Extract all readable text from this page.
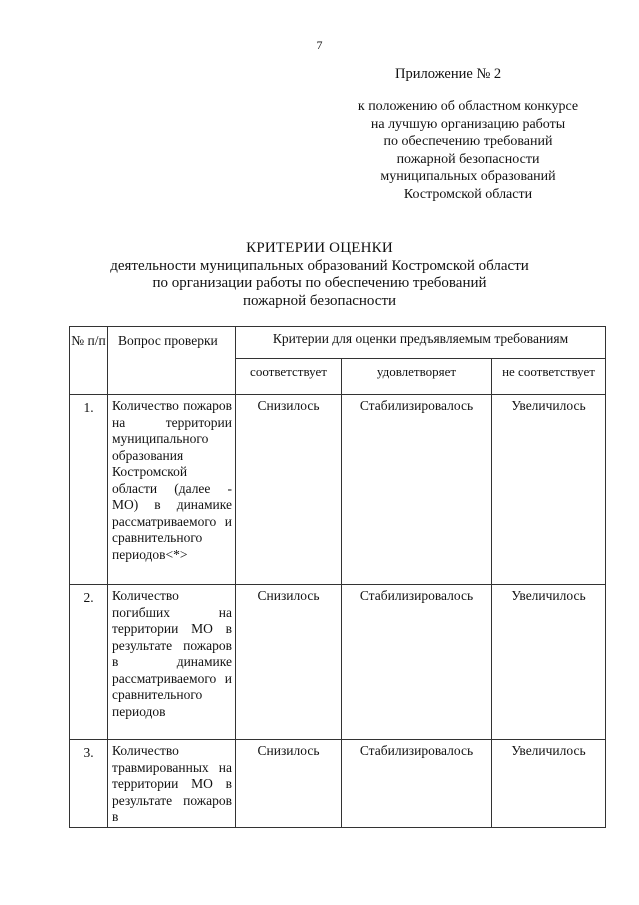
7
Приложение № 2
к положению об областном конкурсе
на лучшую организацию работы
по обеспечению требований
пожарной безопасности
муниципальных образований
Костромской области
КРИТЕРИИ ОЦЕНКИ
деятельности муниципальных образований Костромской области
по организации работы по обеспечению требований
пожарной безопасности
№ п/п	Вопрос проверки	Критерии для оценки предъявляемым требованиям		
		соответствует	удовлетворяет	не соответствует
1.	Количество пожаров на территории муниципального образования Костромской области (далее - МО) в динамике рассматриваемого и сравнительного периодов<*>	Снизилось	Стабилизировалось	Увеличилось
2.	Количество погибших на территории МО в результате пожаров в динамике рассматриваемого и сравнительного периодов	Снизилось	Стабилизировалось	Увеличилось
3.	Количество травмированных на территории МО в результате пожаров в	Снизилось	Стабилизировалось	Увеличилось
